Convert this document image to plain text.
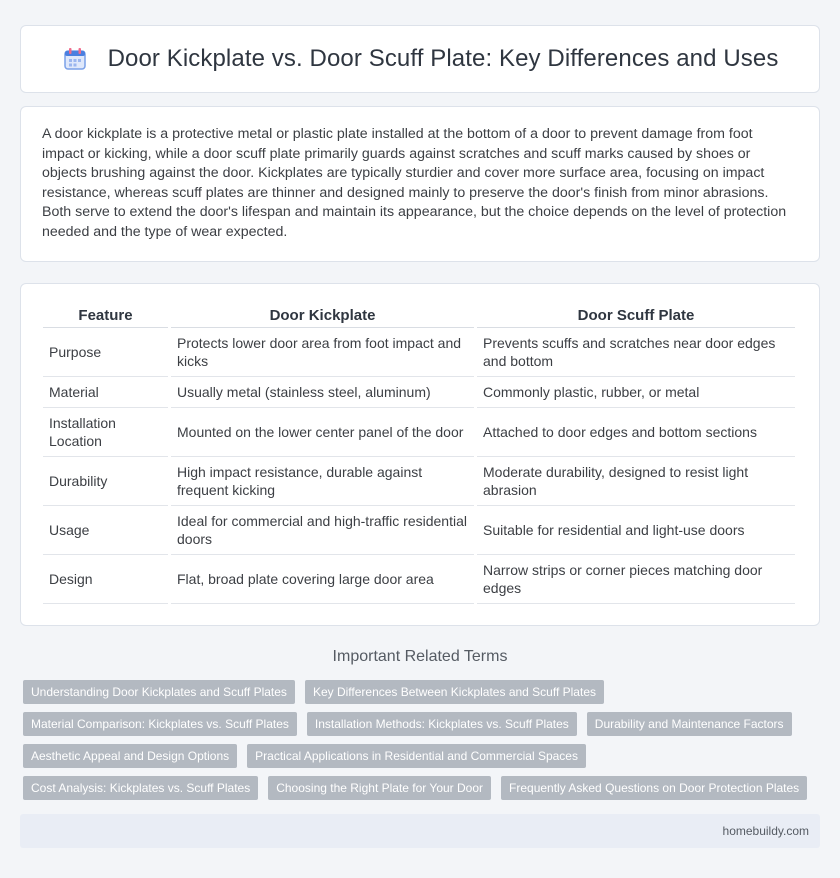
Door Kickplate vs. Door Scuff Plate: Key Differences and Uses

A door kickplate is a protective metal or plastic plate installed at the bottom of a door to prevent damage from foot impact or kicking, while a door scuff plate primarily guards against scratches and scuff marks caused by shoes or objects brushing against the door. Kickplates are typically sturdier and cover more surface area, focusing on impact resistance, whereas scuff plates are thinner and designed mainly to preserve the door's finish from minor abrasions. Both serve to extend the door's lifespan and maintain its appearance, but the choice depends on the level of protection needed and the type of wear expected.

Feature	Door Kickplate	Door Scuff Plate
Purpose	Protects lower door area from foot impact and kicks	Prevents scuffs and scratches near door edges and bottom
Material	Usually metal (stainless steel, aluminum)	Commonly plastic, rubber, or metal
Installation Location	Mounted on the lower center panel of the door	Attached to door edges and bottom sections
Durability	High impact resistance, durable against frequent kicking	Moderate durability, designed to resist light abrasion
Usage	Ideal for commercial and high-traffic residential doors	Suitable for residential and light-use doors
Design	Flat, broad plate covering large door area	Narrow strips or corner pieces matching door edges
Important Related Terms
Understanding Door Kickplates and Scuff Plates	Key Differences Between Kickplates and Scuff Plates
Material Comparison: Kickplates vs. Scuff Plates	Installation Methods: Kickplates vs. Scuff Plates	Durability and Maintenance Factors
Aesthetic Appeal and Design Options	Practical Applications in Residential and Commercial Spaces
Cost Analysis: Kickplates vs. Scuff Plates	Choosing the Right Plate for Your Door	Frequently Asked Questions on Door Protection Plates
homebuildy.com
